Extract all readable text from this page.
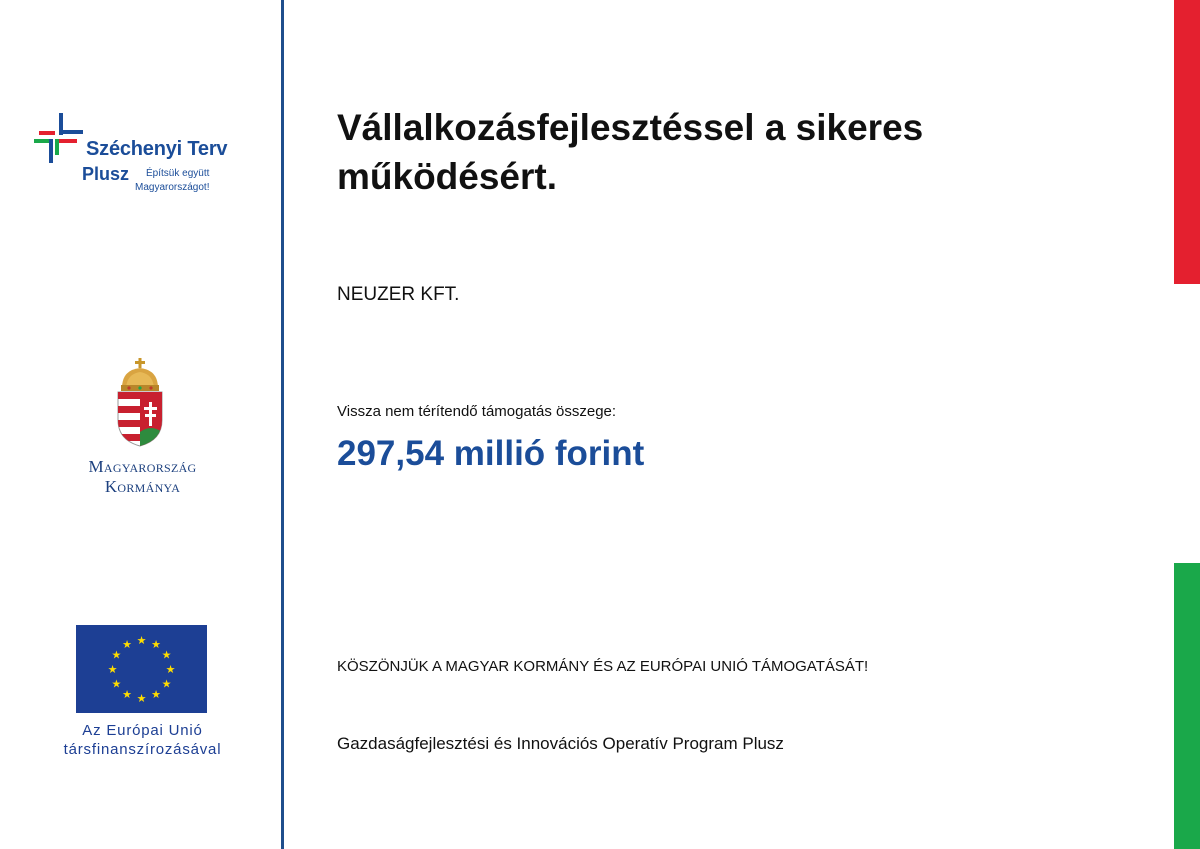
Széchenyi Terv
Plusz Építsük együtt
Magyarországot!
Magyarország
Kormánya
★ ★
★
★
★
★
★
★
★
★
★
★
Az Európai Unió
társfinanszírozásával
Vállalkozásfejlesztéssel a sikeres működésért.
NEUZER KFT.
Vissza nem térítendő támogatás összege:
297,54 millió forint
KÖSZÖNJÜK A MAGYAR KORMÁNY ÉS AZ EURÓPAI UNIÓ TÁMOGATÁSÁT!
Gazdaságfejlesztési és Innovációs Operatív Program Plusz
